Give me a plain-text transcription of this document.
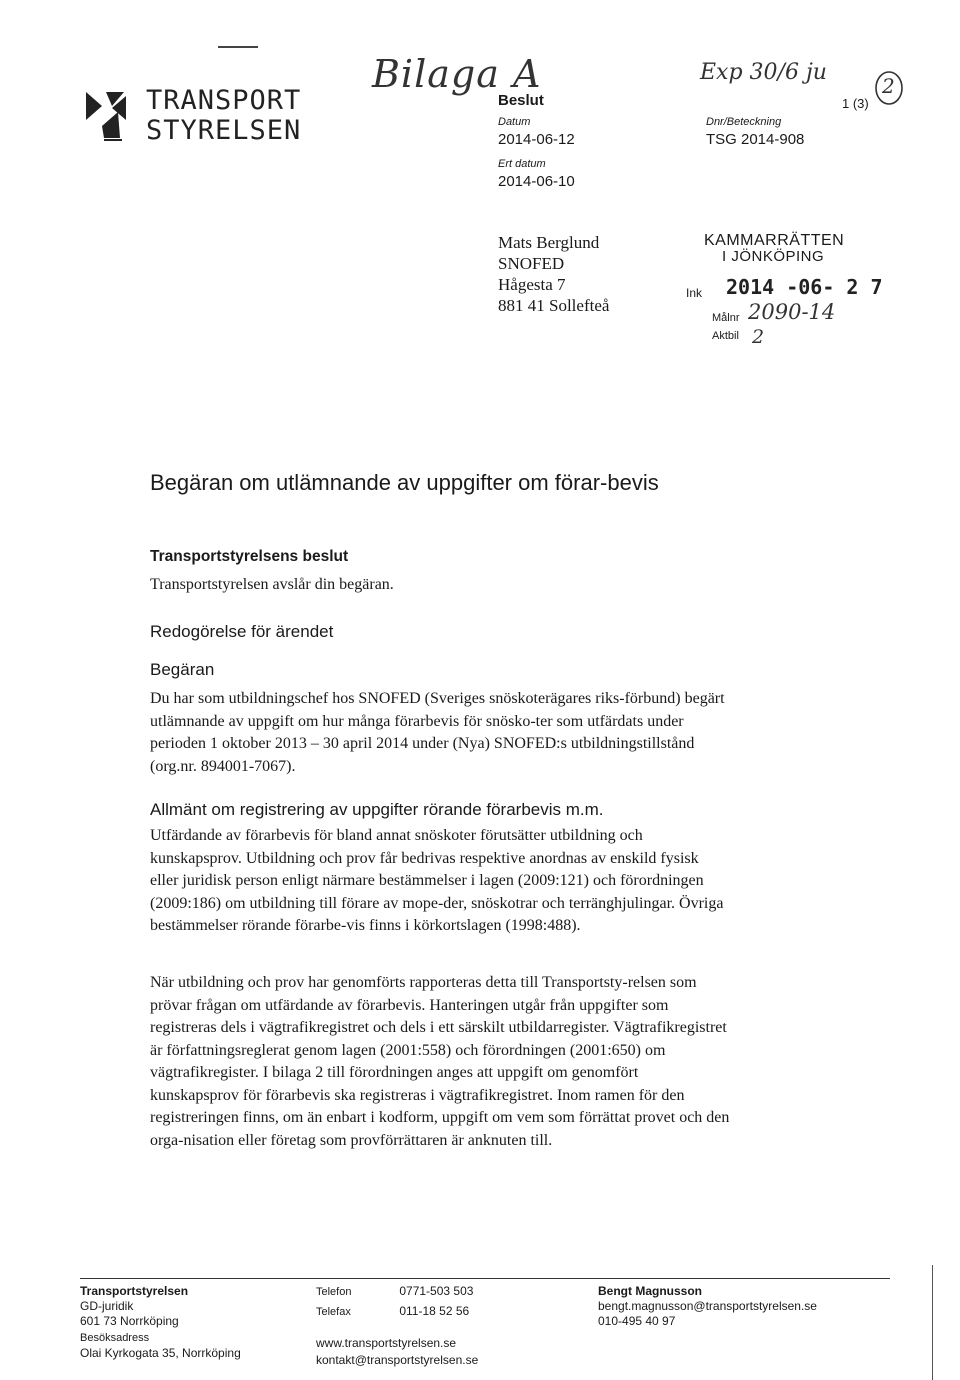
TRANSPORT
STYRELSEN
Bilaga A	Exp 30/6 ju
Beslut	1 (3)
2
Datum
2014-06-12
Dnr/Beteckning
TSG 2014-908
Ert datum
2014-06-10
Mats Berglund
SNOFED
Hågesta 7
881 41 Sollefteå
KAMMARRÄTTEN
I JÖNKÖPING
Ink 2014 -06- 2 7
Målnr 2090-14
Aktbil 2

Begäran om utlämnande av uppgifter om förar-bevis

Transportstyrelsens beslut

Transportstyrelsen avslår din begäran.

Redogörelse för ärendet

Begäran

Du har som utbildningschef hos SNOFED (Sveriges snöskoterägares riks-förbund) begärt utlämnande av uppgift om hur många förarbevis för snösko-ter som utfärdats under perioden 1 oktober 2013 – 30 april 2014 under (Nya) SNOFED:s utbildningstillstånd (org.nr. 894001-7067).

Allmänt om registrering av uppgifter rörande förarbevis m.m.

Utfärdande av förarbevis för bland annat snöskoter förutsätter utbildning och kunskapsprov. Utbildning och prov får bedrivas respektive anordnas av enskild fysisk eller juridisk person enligt närmare bestämmelser i lagen (2009:121) och förordningen (2009:186) om utbildning till förare av mope-der, snöskotrar och terränghjulingar. Övriga bestämmelser rörande förarbe-vis finns i körkortslagen (1998:488).

När utbildning och prov har genomförts rapporteras detta till Transportsty-relsen som prövar frågan om utfärdande av förarbevis. Hanteringen utgår från uppgifter som registreras dels i vägtrafikregistret och dels i ett särskilt utbildarregister. Vägtrafikregistret är författningsreglerat genom lagen (2001:558) och förordningen (2001:650) om vägtrafikregister. I bilaga 2 till förordningen anges att uppgift om genomfört kunskapsprov för förarbevis ska registreras i vägtrafikregistret. Inom ramen för den registreringen finns, om än enbart i kodform, uppgift om vem som förrättat provet och den orga-nisation eller företag som provförrättaren är anknuten till.

Transportstyrelsen
GD-juridik
601 73 Norrköping
Besöksadress
Olai Kyrkogata 35, Norrköping
Telefon	0771-503 503
Telefax	011-18 52 56
www.transportstyrelsen.se
kontakt@transportstyrelsen.se
Bengt Magnusson
bengt.magnusson@transportstyrelsen.se
010-495 40 97
